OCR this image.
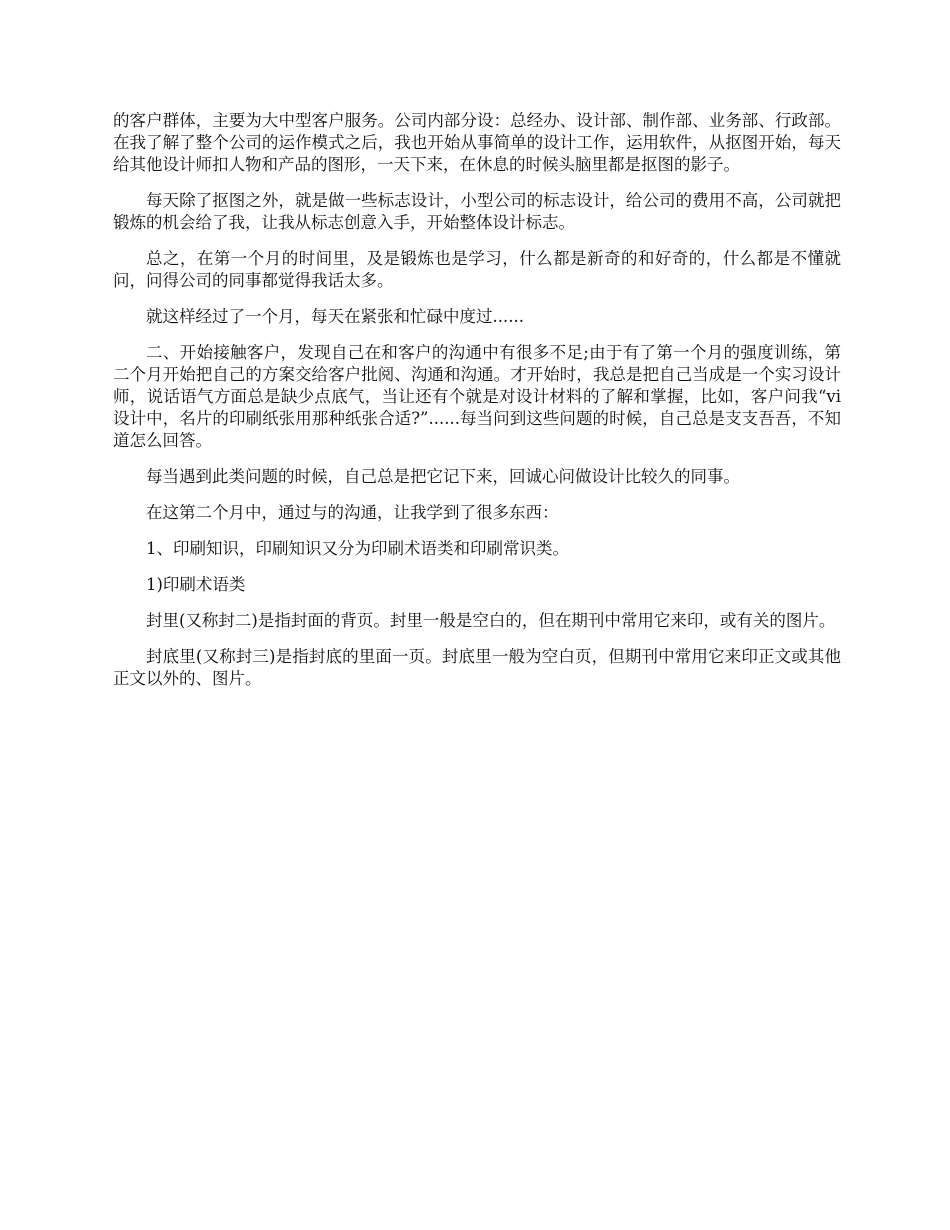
的客户群体，主要为大中型客户服务。公司内部分设：总经办、设计部、制作部、业务部、行政部。在我了解了整个公司的运作模式之后，我也开始从事简单的设计工作，运用软件，从抠图开始，每天给其他设计师扣人物和产品的图形，一天下来，在休息的时候头脑里都是抠图的影子。

每天除了抠图之外，就是做一些标志设计，小型公司的标志设计，给公司的费用不高，公司就把锻炼的机会给了我，让我从标志创意入手，开始整体设计标志。

总之，在第一个月的时间里，及是锻炼也是学习，什么都是新奇的和好奇的，什么都是不懂就问，问得公司的同事都觉得我话太多。

就这样经过了一个月，每天在紧张和忙碌中度过......

二、开始接触客户，发现自己在和客户的沟通中有很多不足;由于有了第一个月的强度训练，第二个月开始把自己的方案交给客户批阅、沟通和沟通。才开始时，我总是把自己当成是一个实习设计师，说话语气方面总是缺少点底气，当让还有个就是对设计材料的了解和掌握，比如，客户问我“vi设计中，名片的印刷纸张用那种纸张合适?”......每当问到这些问题的时候，自己总是支支吾吾，不知道怎么回答。

每当遇到此类问题的时候，自己总是把它记下来，回诚心问做设计比较久的同事。

在这第二个月中，通过与的沟通，让我学到了很多东西：

1、印刷知识，印刷知识又分为印刷术语类和印刷常识类。

1)印刷术语类

封里(又称封二)是指封面的背页。封里一般是空白的，但在期刊中常用它来印，或有关的图片。

封底里(又称封三)是指封底的里面一页。封底里一般为空白页，但期刊中常用它来印正文或其他正文以外的、图片。
